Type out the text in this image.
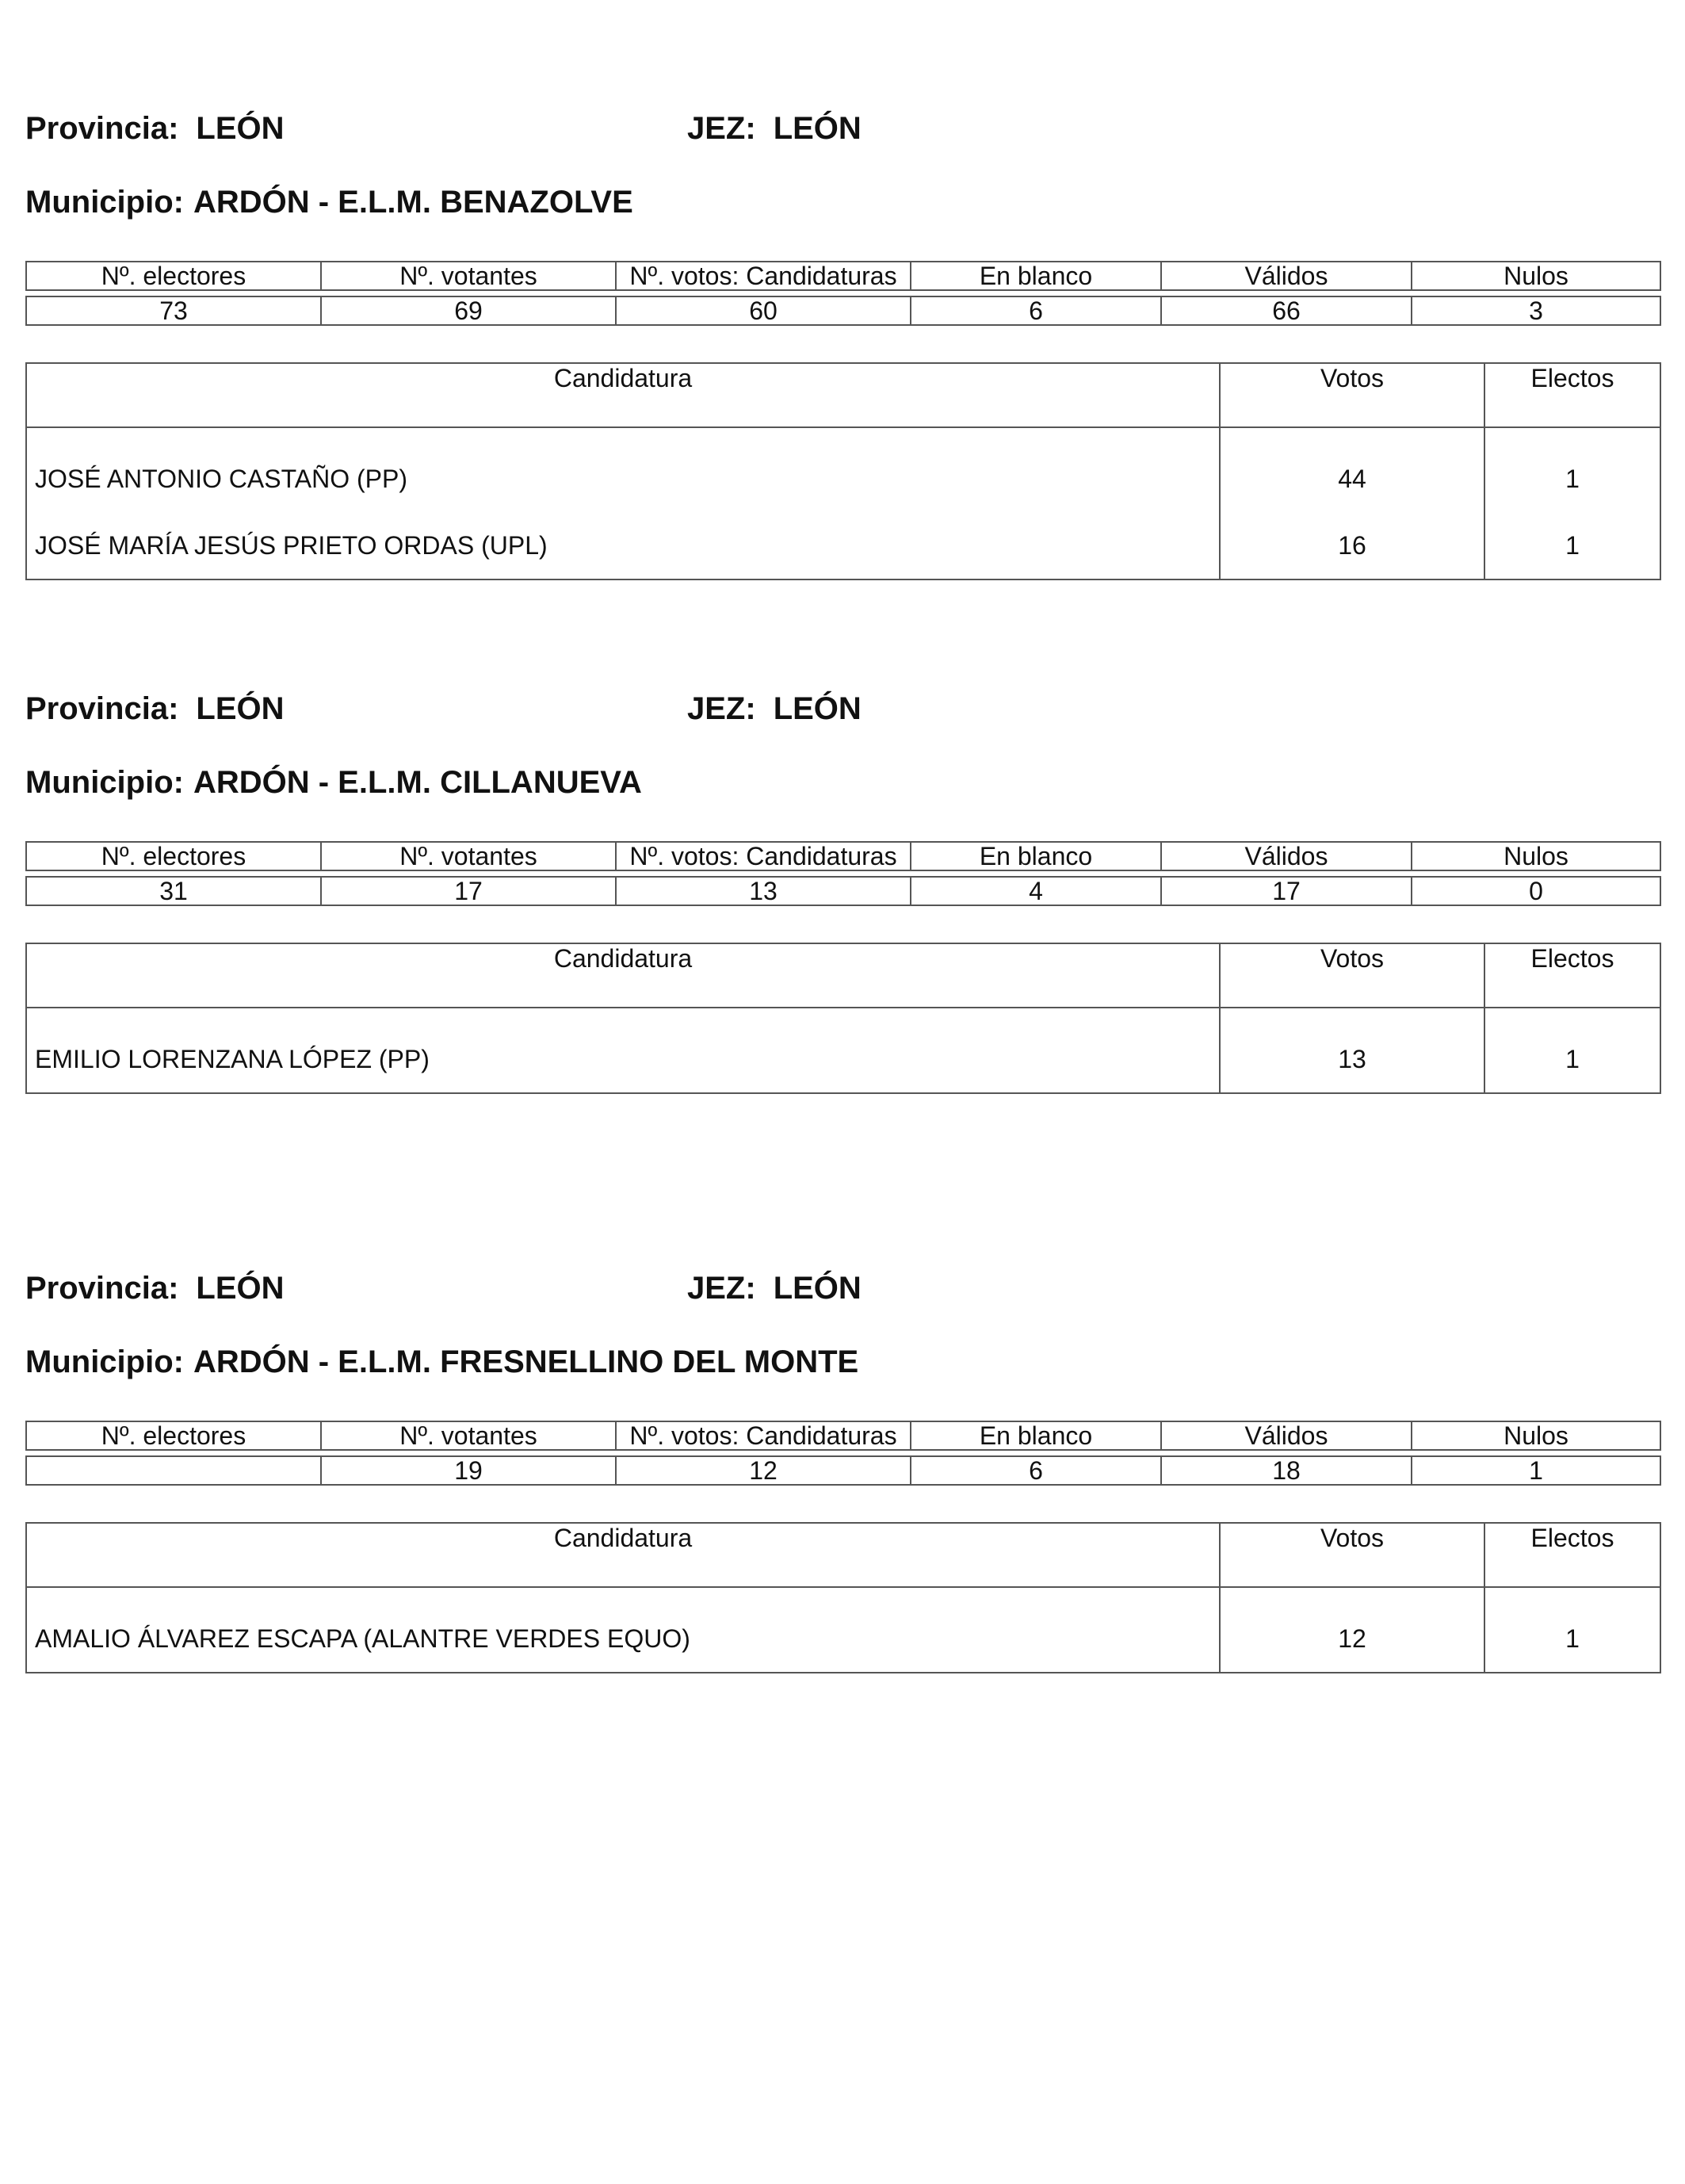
Provincia: LEÓN	JEZ: LEÓN
Municipio: ARDÓN - E.L.M. BENAZOLVE
Nº. electores	Nº. votantes	Nº. votos: Candidaturas	En blanco	Válidos	Nulos

73	69	60	6	66	3
Candidatura	Votos	Electos
JOSÉ ANTONIO CASTAÑO (PP)	44	1
JOSÉ MARÍA JESÚS PRIETO ORDAS (UPL)	16	1
Provincia: LEÓN	JEZ: LEÓN
Municipio: ARDÓN - E.L.M. CILLANUEVA
Nº. electores	Nº. votantes	Nº. votos: Candidaturas	En blanco	Válidos	Nulos

31	17	13	4	17	0
Candidatura	Votos	Electos
EMILIO LORENZANA LÓPEZ (PP)	13	1
Provincia: LEÓN	JEZ: LEÓN
Municipio: ARDÓN - E.L.M. FRESNELLINO DEL MONTE
Nº. electores	Nº. votantes	Nº. votos: Candidaturas	En blanco	Válidos	Nulos

	19	12	6	18	1
Candidatura	Votos	Electos
AMALIO ÁLVAREZ ESCAPA (ALANTRE VERDES EQUO)	12	1
